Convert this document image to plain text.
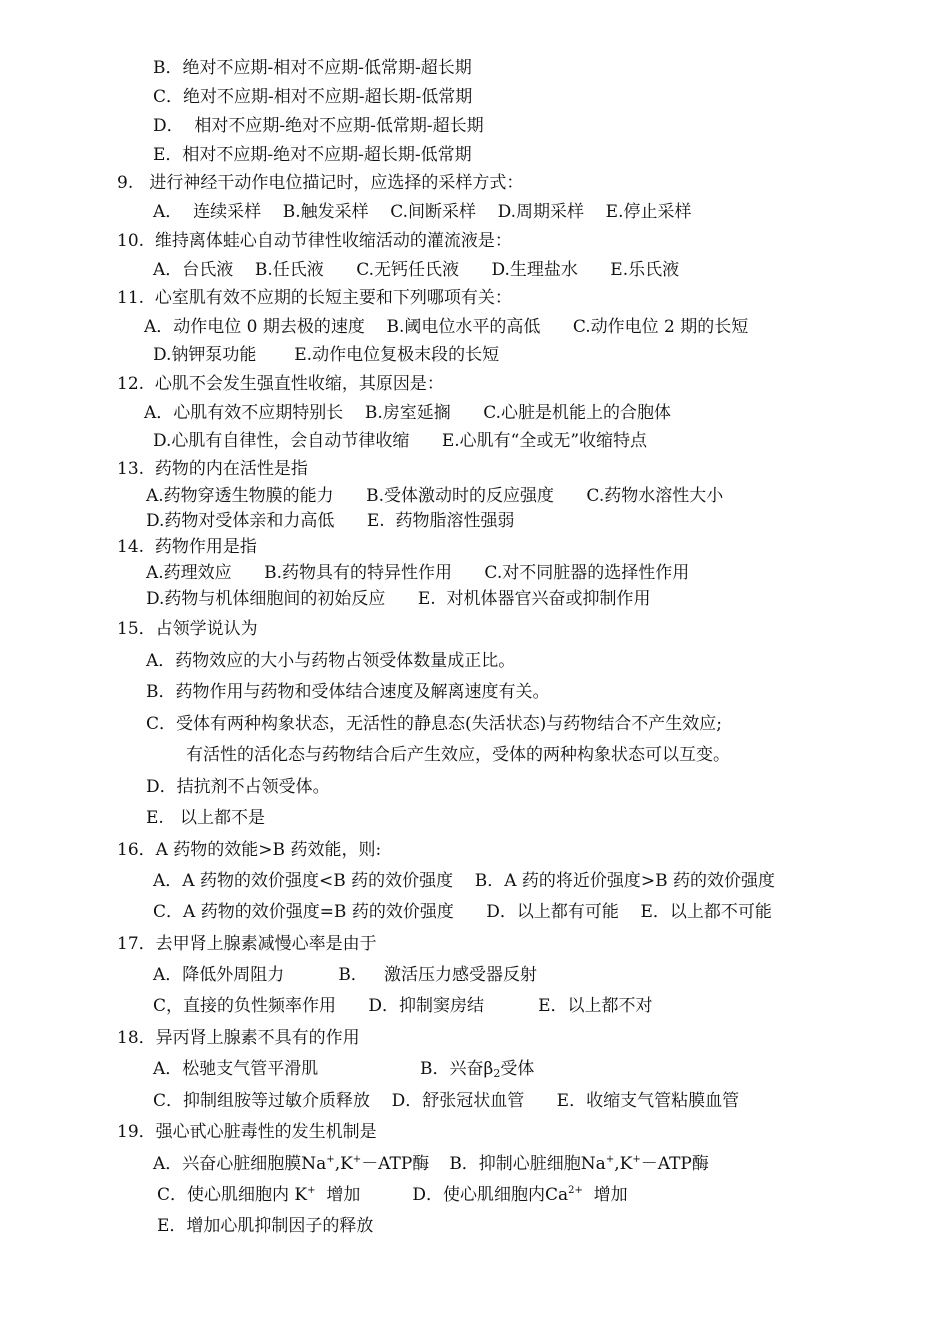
B．绝对不应期-相对不应期-低常期-超长期
C．绝对不应期-相对不应期-超长期-低常期
D．  相对不应期-绝对不应期-低常期-超长期
E．相对不应期-绝对不应期-超长期-低常期
9.   进行神经干动作电位描记时，应选择的采样方式：
A．  连续采样    B.触发采样    C.间断采样    D.周期采样    E.停止采样
10.  维持离体蛙心自动节律性收缩活动的灌流液是：
A．台氏液    B.任氏液      C.无钙任氏液      D.生理盐水      E.乐氏液
11.  心室肌有效不应期的长短主要和下列哪项有关：
A．动作电位 0 期去极的速度    B.阈电位水平的高低      C.动作电位 2 期的长短
D.钠钾泵功能       E.动作电位复极末段的长短
12.  心肌不会发生强直性收缩，其原因是：
A．心肌有效不应期特别长    B.房室延搁      C.心脏是机能上的合胞体
D.心肌有自律性，会自动节律收缩      E.心肌有“全或无”收缩特点
13.  药物的内在活性是指
A.药物穿透生物膜的能力      B.受体激动时的反应强度      C.药物水溶性大小
D.药物对受体亲和力高低      E.  药物脂溶性强弱
14.  药物作用是指
A.药理效应      B.药物具有的特异性作用      C.对不同脏器的选择性作用
D.药物与机体细胞间的初始反应      E.  对机体器官兴奋或抑制作用
15．占领学说认为
A．药物效应的大小与药物占领受体数量成正比。
B．药物作用与药物和受体结合速度及解离速度有关。
C．受体有两种构象状态，无活性的静息态(失活状态)与药物结合不产生效应;
有活性的活化态与药物结合后产生效应，受体的两种构象状态可以互变。
D．拮抗剂不占领受体。
E.   以上都不是
16．A 药物的效能>B 药效能，则:
A．A 药物的效价强度<B 药的效价强度    B．A 药的将近价强度>B 药的效价强度
C．A 药物的效价强度=B 药的效价强度      D．以上都有可能    E．以上都不可能
17．去甲肾上腺素减慢心率是由于
A．降低外周阻力          B．   激活压力感受器反射
C，直接的负性频率作用      D．抑制窦房结          E．以上都不对
18．异丙肾上腺素不具有的作用
A．松驰支气管平滑肌	B．兴奋$\beta_2$受体
C．抑制组胺等过敏介质释放    D．舒张冠状血管      E．收缩支气管粘膜血管
19．强心甙心脏毒性的发生机制是
A．兴奋心脏细胞膜Na+,K+－ATP酶 B．抑制心脏细胞Na+,K+－ATP酶
C．使心肌细胞内 K+  增加	D．使心肌细胞内$Ca^{2+}$  增加
E．增加心肌抑制因子的释放
